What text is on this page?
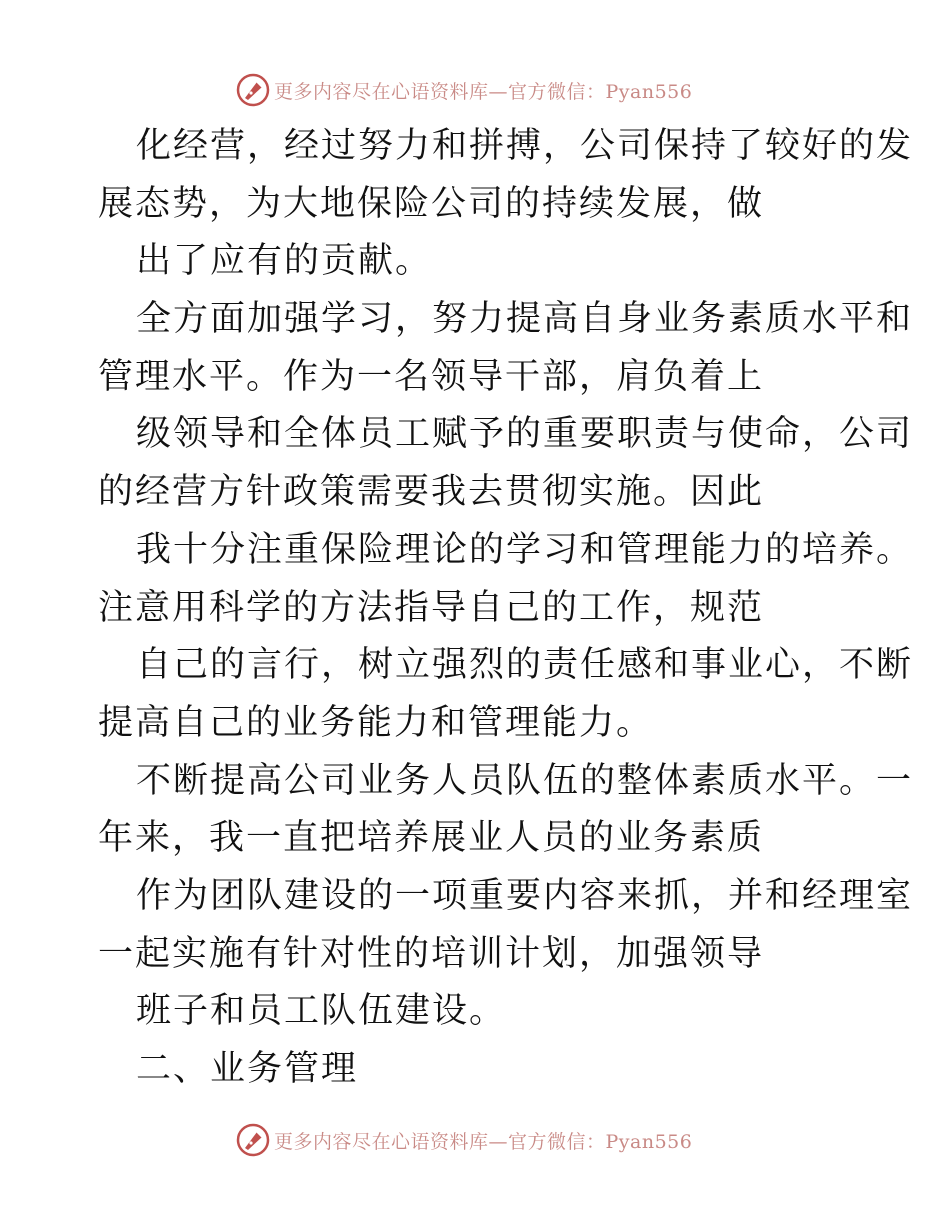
更多内容尽在心语资料库—官方微信：Pyan556
化经营，经过努力和拼搏，公司保持了较好的发
展态势，为大地保险公司的持续发展，做
出了应有的贡献。
全方面加强学习，努力提高自身业务素质水平和
管理水平。作为一名领导干部，肩负着上
级领导和全体员工赋予的重要职责与使命，公司
的经营方针政策需要我去贯彻实施。因此
我十分注重保险理论的学习和管理能力的培养。
注意用科学的方法指导自己的工作，规范
自己的言行，树立强烈的责任感和事业心，不断
提高自己的业务能力和管理能力。
不断提高公司业务人员队伍的整体素质水平。一
年来，我一直把培养展业人员的业务素质
作为团队建设的一项重要内容来抓，并和经理室
一起实施有针对性的培训计划，加强领导
班子和员工队伍建设。
二、业务管理
更多内容尽在心语资料库—官方微信：Pyan556
